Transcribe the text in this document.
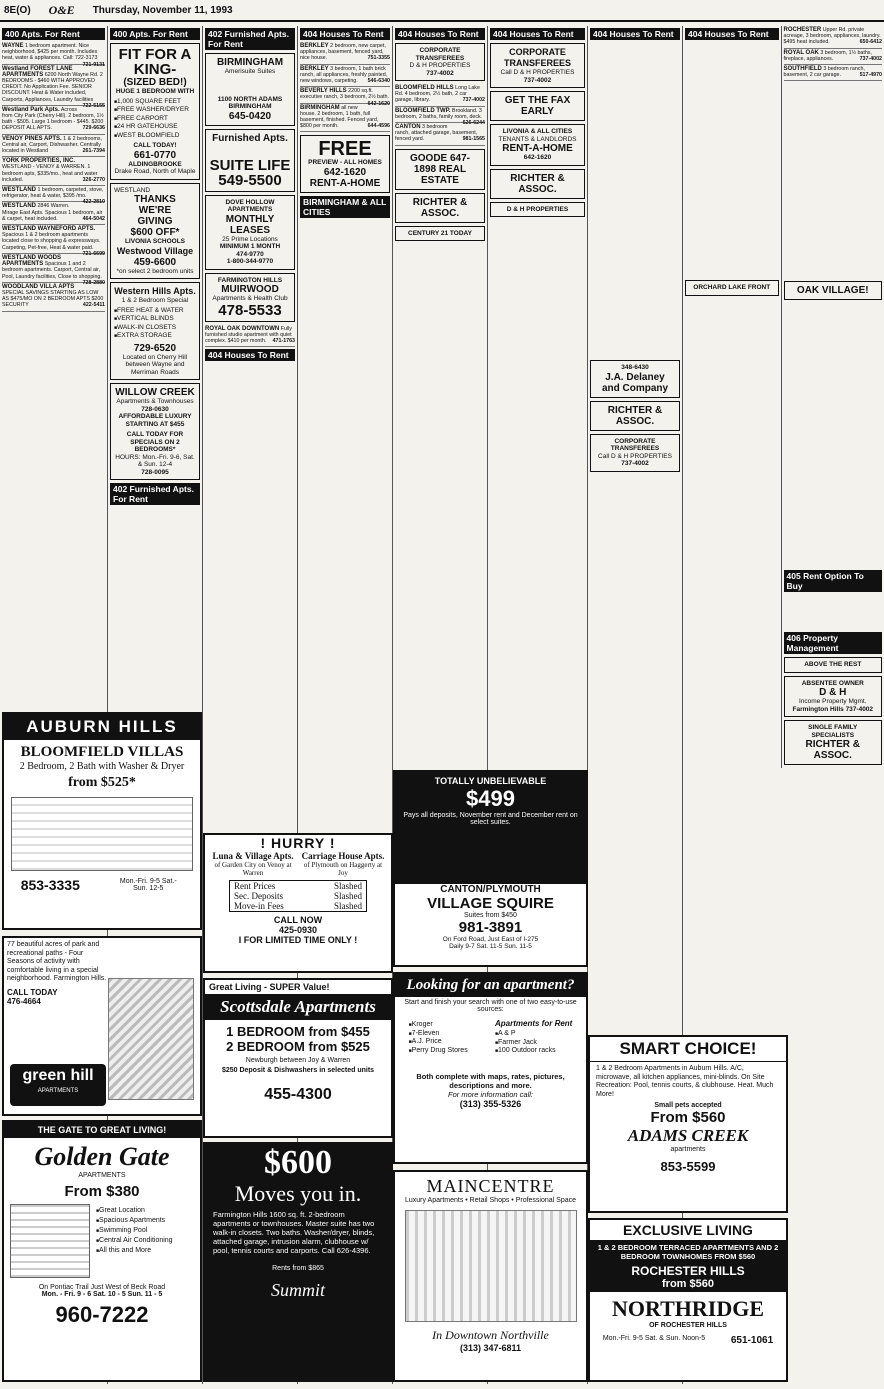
8E(O) O&E Thursday, November 11, 1993
400 Apts. For Rent
WAYNE 1 bedroom apartment. Nice neighborhood, $425 per month. Includes heat, water & appliances. Call: 722-3173
721-9131
Westland FOREST LANE APARTMENTS 6200 North Wayne Rd. 2 BEDROOMS - $460 WITH APPROVED CREDIT. No Application Fee. SENIOR DISCOUNT. Heat & Water included, Carports, Appliances, Laundry facilities
722-5155
Westland Park Apts. Across from City Park (Cherry Hill). 2 bedroom, 1½ bath - $505. Large 1 bedroom - $445. $200 DEPOSIT ALL APTS.	729-6636
VENOY PINES APTS. 1 & 2 bedrooms, Central air, Carport, Dishwasher. Centrally located in Westland	261-7394
YORK PROPERTIES, INC. WESTLAND - VENOY & WARREN. 1 bedroom apts, $335/mo., heat and water included.	326-2770
WESTLAND 1 bedroom, carpeted, stove, refrigerator, heat & water, $395 /mo.
422-2810
WESTLAND 2846 Warren. Mirage East Apts. Spacious 1 bedroom, air & carpet, heat included.	464-5042
WESTLAND WAYNEFORD APTS. Spacious 1 & 2 bedroom apartments located close to shopping & expressways. Carpeting, Pet-free, Heat & water paid.
721-6699
WESTLAND WOODS APARTMENTS Spacious 1 and 2 bedroom apartments. Carport, Central air, Pool, Laundry facilities, Close to shopping.
728-2880
WOODLAND VILLA APTS SPECIAL SAVINGS STARTING AS LOW AS $475/MO ON 2 BEDROOM APTS $200 SECURITY	422-5411
400 Apts. For Rent
FIT FOR A KING-
(SIZED BED!)
HUGE 1 BEDROOM WITH
■ 1,000 SQUARE FEET
■ FREE WASHER/DRYER
■ FREE CARPORT
■ 24 HR GATEHOUSE
■ WEST BLOOMFIELD
CALL TODAY!
661-0770
ALDINGBROOKE
Drake Road, North of Maple
WESTLAND
THANKS
WE'RE
GIVING
$600 OFF*
LIVONIA SCHOOLS
Westwood Village
459-6600
*on select 2 bedroom units
Western Hills Apts.
1 & 2 Bedroom Special
■ FREE HEAT & WATER
■ VERTICAL BLINDS
■ WALK-IN CLOSETS
■ EXTRA STORAGE
729-6520
Located on Cherry Hill between Wayne and Merriman Roads
WILLOW CREEK
Apartments & Townhouses
728-0630
AFFORDABLE LUXURY
STARTING AT $455
CALL TODAY FOR SPECIALS ON 2 BEDROOMS*
HOURS: Mon.-Fri. 9-6, Sat. & Sun. 12-4
728-0095
402 Furnished Apts. For Rent
402 Furnished Apts. For Rent
BIRMINGHAM
Amerisuite Suites
1100 NORTH ADAMS BIRMINGHAM
645-0420
Furnished Apts.
SUITE LIFE
549-5500
DOVE HOLLOW APARTMENTS
MONTHLY LEASES
25 Prime Locations
MINIMUM 1 MONTH
474-9770
1-800-344-9770
FARMINGTON HILLS
MUIRWOOD
Apartments & Health Club
478-5533
ROYAL OAK DOWNTOWN Fully furnished studio apartment with quiet complex. $410 per month. 471-1763
404 Houses To Rent
404 Houses To Rent
BERKLEY 2 bedroom, new carpet, appliances, basement, fenced yard, nice house.	751-3355
BERKLEY 3 bedroom, 1 bath brick ranch, all appliances, freshly painted, new windows, carpeting. 546-6340
BEVERLY HILLS 2200 sq.ft. executive ranch, 3 bedroom, 2½ bath.
642-1620
BIRMINGHAM all new house. 2 bedroom, 1 bath, full basement, finished. Fenced yard, $800 per month.	644-4596
FREE
PREVIEW - ALL HOMES
642-1620
RENT-A-HOME
BIRMINGHAM & ALL CITIES
404 Houses To Rent
CORPORATE TRANSFEREES
D & H PROPERTIES
737-4002
BLOOMFIELD HILLS Long Lake Rd. 4 bedroom, 2½ bath, 2 car garage, library.	737-4002
BLOOMFIELD TWP. Brookland. 3 bedroom, 2 baths, family room, deck.
626-6244
CANTON 3 bedroom ranch, attached garage, basement, fenced yard.	981-1565
GOODE 647-1898 REAL ESTATE
RICHTER & ASSOC.
CENTURY 21 TODAY
404 Houses To Rent
CORPORATE TRANSFEREES
Call D & H PROPERTIES
737-4002
GET THE FAX EARLY
LIVONIA & ALL CITIES
TENANTS & LANDLORDS
RENT-A-HOME
642-1620
RICHTER & ASSOC.
D & H PROPERTIES
404 Houses To Rent
348-6430
J.A. Delaney
and Company
RICHTER & ASSOC.
CORPORATE TRANSFEREES
Call D & H PROPERTIES
737-4002
404 Houses To Rent
ORCHARD LAKE FRONT
ROCHESTER Upper Rd. private acreage, 3 bedroom, appliances, laundry. $495 heat included.	650-6412
ROYAL OAK 3 bedroom, 1½ baths, fireplace, appliances.	737-4002
SOUTHFIELD 3 bedroom ranch, basement, 2 car garage.	517-4970
OAK VILLAGE!
405 Rent Option To Buy
406 Property Management
ABOVE THE REST
ABSENTEE OWNER
D & H
Income Property Mgmt.
Farmington Hills 737-4002
SINGLE FAMILY SPECIALISTS
RICHTER & ASSOC.
AUBURN HILLS
BLOOMFIELD VILLAS
2 Bedroom, 2 Bath with Washer & Dryer
from $525*
853-3335	Mon.-Fri. 9-5 Sat.-Sun. 12-5
77 beautiful acres of park and recreational paths - Four Seasons of activity with comfortable living in a special neighborhood. Farmington Hills.
CALL TODAY
476-4664
green hill
APARTMENTS
THE GATE TO GREAT LIVING!
Golden Gate
APARTMENTS
From $380
■ Great Location
■ Spacious Apartments
■ Swimming Pool
■ Central Air Conditioning
■ All this and More
On Pontiac Trail Just West of Beck Road
Mon. - Fri. 9 - 6 Sat. 10 - 5 Sun. 11 - 5
960-7222
! HURRY !
Luna & Village Apts.
of Garden City on Venoy at Warren
Carriage House Apts.
of Plymouth on Haggerty at Joy
Rent Prices	Slashed
Sec. Deposits	Slashed
Move-in Fees	Slashed
CALL NOW
425-0930
I FOR LIMITED TIME ONLY !
Great Living - SUPER Value!
Scottsdale Apartments
1 BEDROOM from $455
2 BEDROOM from $525
Newburgh between Joy & Warren
$250 Deposit & Dishwashers in selected units
455-4300
$600
Moves you in.
Farmington Hills 1600 sq. ft. 2-bedroom apartments or townhouses. Master suite has two walk-in closets. Two baths. Washer/dryer, blinds, attached garage, intrusion alarm, clubhouse w/ pool, tennis courts and carports. Call 626-4396.
Rents from $865
Summit
TOTALLY UNBELIEVABLE
$499
Pays all deposits, November rent and December rent on select suites.
CANTON/PLYMOUTH
VILLAGE SQUIRE
Suites from $450
981-3891
On Ford Road, Just East of I-275
Daily 9-7 Sat. 11-5 Sun. 11-5
Looking for an apartment?
Start and finish your search with one of two easy-to-use sources:
■ Kroger
■ 7-Eleven
■ A.J. Price
■ Perry Drug Stores
Apartments for Rent
■ A & P
■ Farmer Jack
■ 100 Outdoor racks
Both complete with maps, rates, pictures, descriptions and more.
For more information call:
(313) 355-5326
MAINCENTRE
Luxury Apartments • Retail Shops • Professional Space
In Downtown Northville
(313) 347-6811
SMART CHOICE!
1 & 2 Bedroom Apartments in Auburn Hills. A/C, microwave, all kitchen appliances, mini-blinds. On Site Recreation: Pool, tennis courts, & clubhouse. Heat. Much More!
Small pets accepted
From $560
ADAMS CREEK
apartments
853-5599
EXCLUSIVE LIVING
1 & 2 BEDROOM TERRACED APARTMENTS AND 2 BEDROOM TOWNHOMES FROM $560
ROCHESTER HILLS
from $560
NORTHRIDGE
OF ROCHESTER HILLS
Mon.-Fri. 9-5 Sat. & Sun. Noon-5	651-1061
